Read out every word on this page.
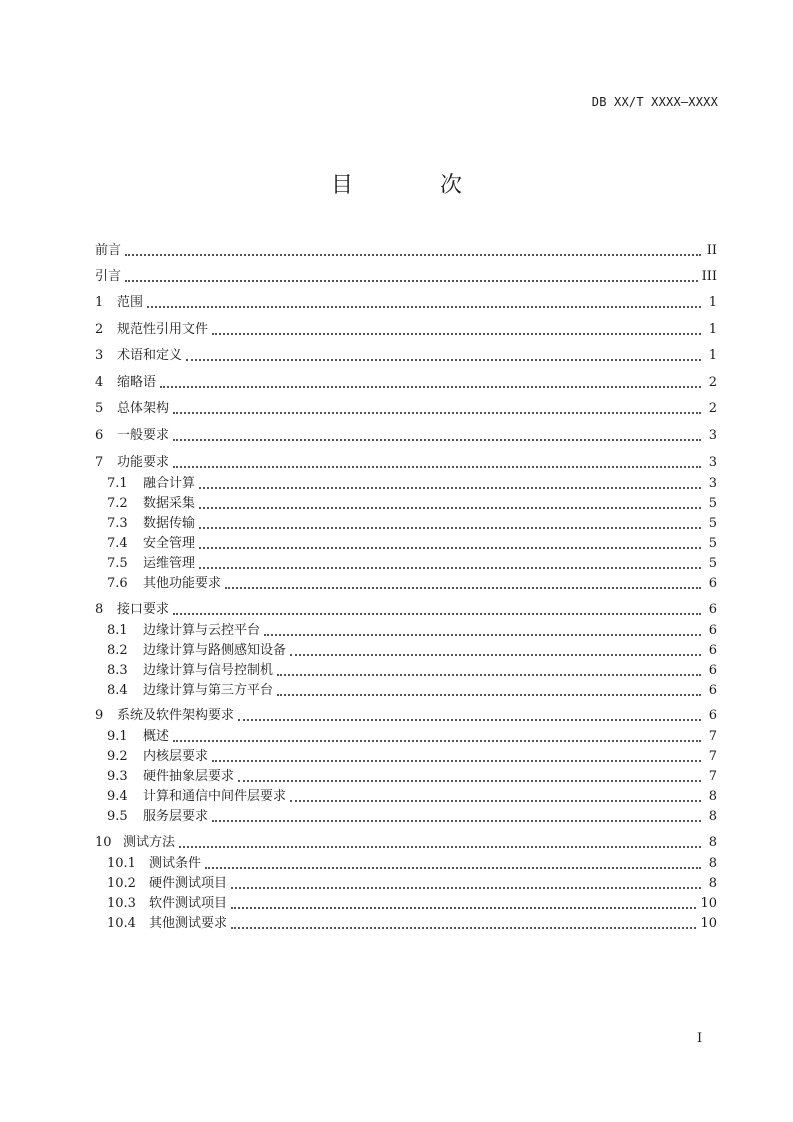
DB XX/T XXXX—XXXX
目 次
前言	II
引言	III
1	范围	1
2	规范性引用文件	1
3	术语和定义	1
4	缩略语	2
5	总体架构	2
6	一般要求	3
7	功能要求	3
7.1	融合计算	3
7.2	数据采集	5
7.3	数据传输	5
7.4	安全管理	5
7.5	运维管理	5
7.6	其他功能要求	6
8	接口要求	6
8.1	边缘计算与云控平台	6
8.2	边缘计算与路侧感知设备	6
8.3	边缘计算与信号控制机	6
8.4	边缘计算与第三方平台	6
9	系统及软件架构要求	6
9.1	概述	7
9.2	内核层要求	7
9.3	硬件抽象层要求	7
9.4	计算和通信中间件层要求	8
9.5	服务层要求	8
10 测试方法	8
10.1	测试条件	8
10.2	硬件测试项目	8
10.3	软件测试项目	10
10.4	其他测试要求	10
I
